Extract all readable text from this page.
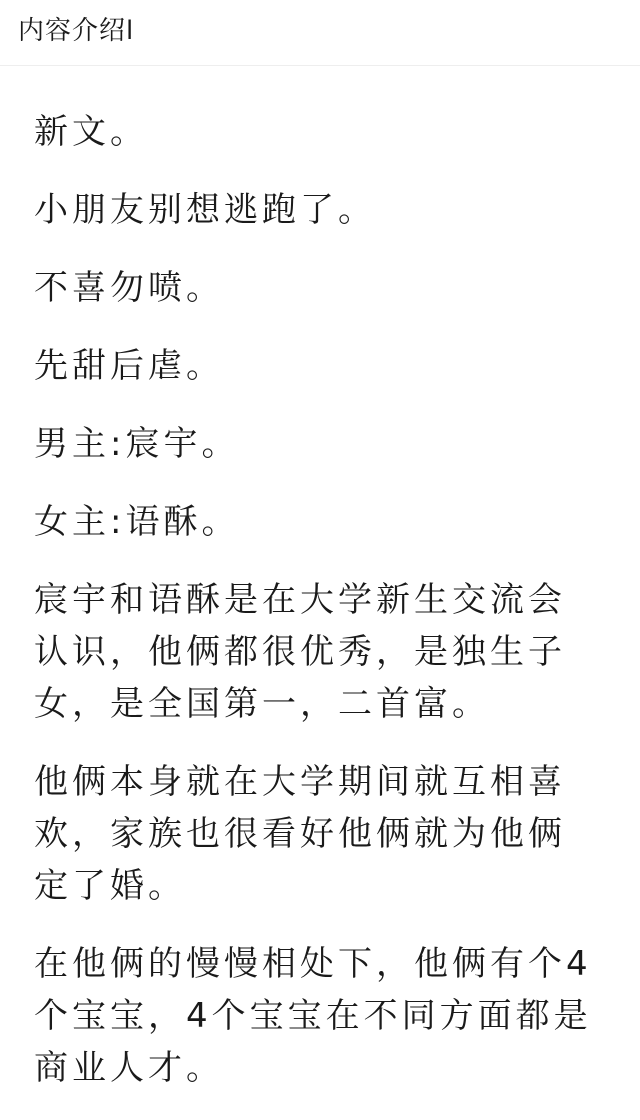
内容介绍l

新文。

小朋友别想逃跑了。

不喜勿喷。

先甜后虐。

男主:宸宇。

女主:语酥。

宸宇和语酥是在大学新生交流会认识，他俩都很优秀，是独生子女，是全国第一，二首富。

他俩本身就在大学期间就互相喜欢，家族也很看好他俩就为他俩定了婚。

在他俩的慢慢相处下，他俩有个4个宝宝，4个宝宝在不同方面都是商业人才。
